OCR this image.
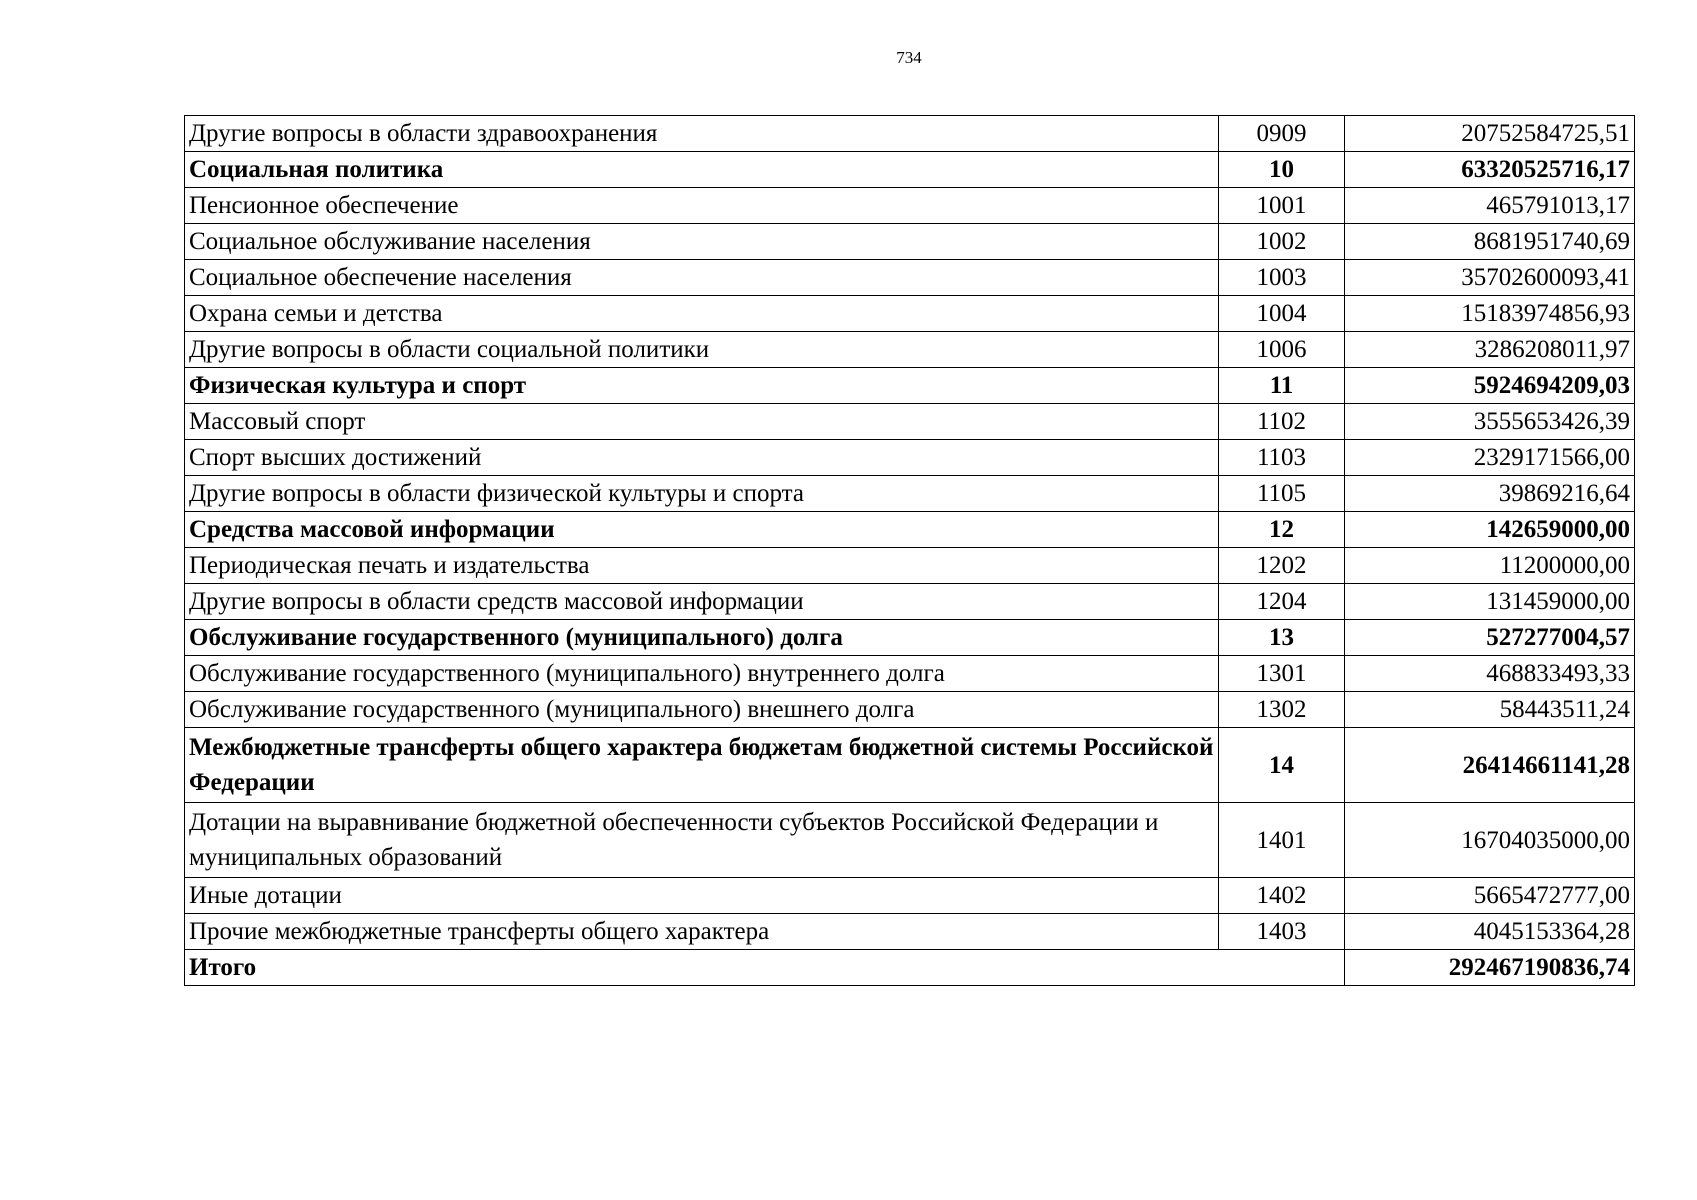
734
Другие вопросы в области здравоохранения	0909	20752584725,51
Социальная политика	10	63320525716,17
Пенсионное обеспечение	1001	465791013,17
Социальное обслуживание населения	1002	8681951740,69
Социальное обеспечение населения	1003	35702600093,41
Охрана семьи и детства	1004	15183974856,93
Другие вопросы в области социальной политики	1006	3286208011,97
Физическая культура и спорт	11	5924694209,03
Массовый спорт	1102	3555653426,39
Спорт высших достижений	1103	2329171566,00
Другие вопросы в области физической культуры и спорта	1105	39869216,64
Средства массовой информации	12	142659000,00
Периодическая печать и издательства	1202	11200000,00
Другие вопросы в области средств массовой информации	1204	131459000,00
Обслуживание государственного (муниципального) долга	13	527277004,57
Обслуживание государственного (муниципального) внутреннего долга	1301	468833493,33
Обслуживание государственного (муниципального) внешнего долга	1302	58443511,24
Межбюджетные трансферты общего характера бюджетам бюджетной системы Российской Федерации	14	26414661141,28
Дотации на выравнивание бюджетной обеспеченности субъектов Российской Федерации и муниципальных образований	1401	16704035000,00
Иные дотации	1402	5665472777,00
Прочие межбюджетные трансферты общего характера	1403	4045153364,28
Итого		292467190836,74
